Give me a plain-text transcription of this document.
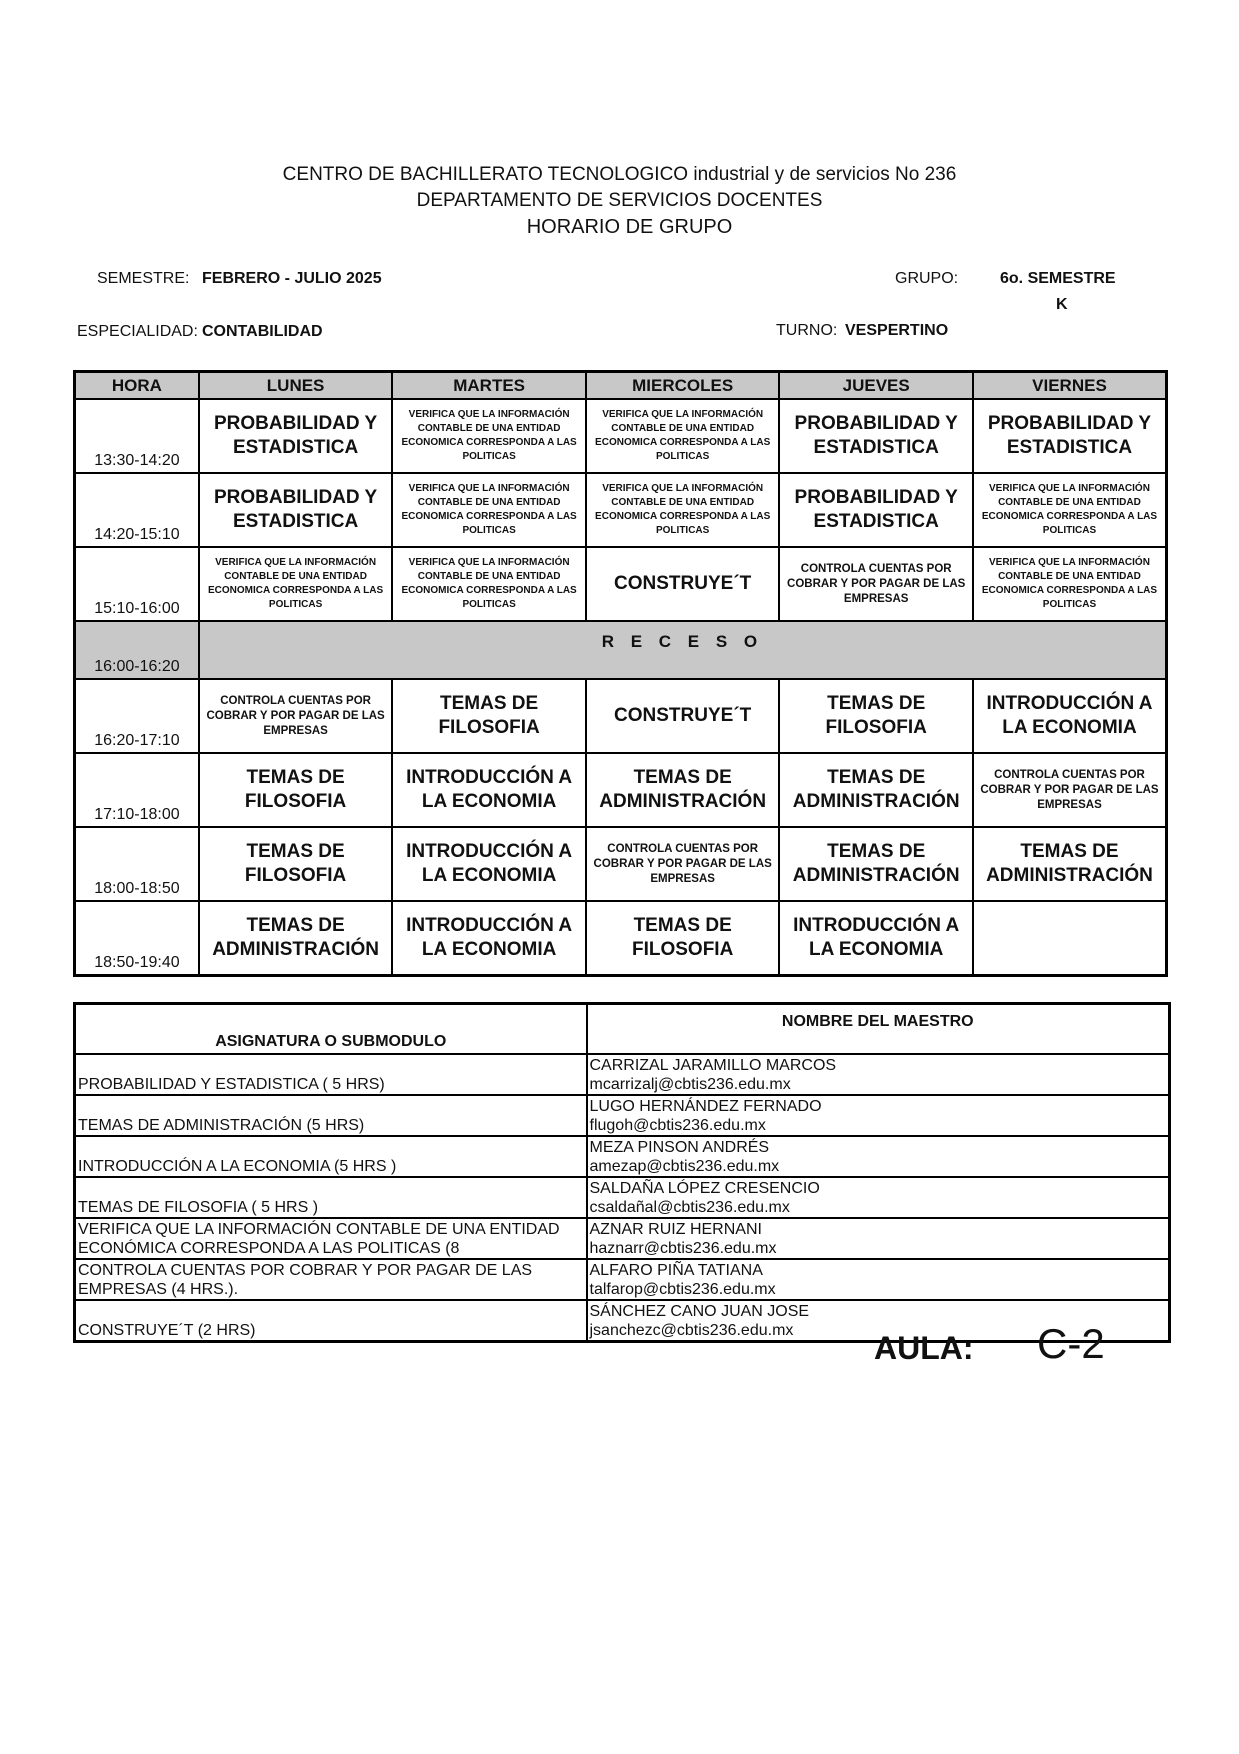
CENTRO DE BACHILLERATO TECNOLOGICO industrial y de servicios No 236
DEPARTAMENTO DE SERVICIOS DOCENTES
HORARIO DE GRUPO
SEMESTRE: FEBRERO - JULIO 2025	GRUPO:	6o. SEMESTRE
K
ESPECIALIDAD: CONTABILIDAD	TURNO: VESPERTINO
HORA	LUNES	MARTES	MIERCOLES	JUEVES	VIERNES
13:30-14:20	PROBABILIDAD Y ESTADISTICA	VERIFICA QUE LA INFORMACIÓN CONTABLE DE UNA ENTIDAD ECONOMICA CORRESPONDA A LAS POLITICAS	VERIFICA QUE LA INFORMACIÓN CONTABLE DE UNA ENTIDAD ECONOMICA CORRESPONDA A LAS POLITICAS	PROBABILIDAD Y ESTADISTICA	PROBABILIDAD Y ESTADISTICA
14:20-15:10	PROBABILIDAD Y ESTADISTICA	VERIFICA QUE LA INFORMACIÓN CONTABLE DE UNA ENTIDAD ECONOMICA CORRESPONDA A LAS POLITICAS	VERIFICA QUE LA INFORMACIÓN CONTABLE DE UNA ENTIDAD ECONOMICA CORRESPONDA A LAS POLITICAS	PROBABILIDAD Y ESTADISTICA	VERIFICA QUE LA INFORMACIÓN CONTABLE DE UNA ENTIDAD ECONOMICA CORRESPONDA A LAS POLITICAS
15:10-16:00	VERIFICA QUE LA INFORMACIÓN CONTABLE DE UNA ENTIDAD ECONOMICA CORRESPONDA A LAS POLITICAS	VERIFICA QUE LA INFORMACIÓN CONTABLE DE UNA ENTIDAD ECONOMICA CORRESPONDA A LAS POLITICAS	CONSTRUYE´T	CONTROLA CUENTAS POR COBRAR Y POR PAGAR DE LAS EMPRESAS	VERIFICA QUE LA INFORMACIÓN CONTABLE DE UNA ENTIDAD ECONOMICA CORRESPONDA A LAS POLITICAS
16:00-16:20	R E C E S O				
16:20-17:10	CONTROLA CUENTAS POR COBRAR Y POR PAGAR DE LAS EMPRESAS	TEMAS DE FILOSOFIA	CONSTRUYE´T	TEMAS DE FILOSOFIA	INTRODUCCIÓN A LA ECONOMIA
17:10-18:00	TEMAS DE FILOSOFIA	INTRODUCCIÓN A LA ECONOMIA	TEMAS DE ADMINISTRACIÓN	TEMAS DE ADMINISTRACIÓN	CONTROLA CUENTAS POR COBRAR Y POR PAGAR DE LAS EMPRESAS
18:00-18:50	TEMAS DE FILOSOFIA	INTRODUCCIÓN A LA ECONOMIA	CONTROLA CUENTAS POR COBRAR Y POR PAGAR DE LAS EMPRESAS	TEMAS DE ADMINISTRACIÓN	TEMAS DE ADMINISTRACIÓN
18:50-19:40	TEMAS DE ADMINISTRACIÓN	INTRODUCCIÓN A LA ECONOMIA	TEMAS DE FILOSOFIA	INTRODUCCIÓN A LA ECONOMIA	
ASIGNATURA O SUBMODULO	NOMBRE DEL MAESTRO
PROBABILIDAD Y ESTADISTICA ( 5 HRS)	CARRIZAL JARAMILLO MARCOS
mcarrizalj@cbtis236.edu.mx

TEMAS DE ADMINISTRACIÓN (5 HRS)	LUGO HERNÁNDEZ FERNADO
flugoh@cbtis236.edu.mx

INTRODUCCIÓN A LA ECONOMIA (5 HRS )	MEZA PINSON ANDRÉS
amezap@cbtis236.edu.mx

TEMAS DE FILOSOFIA ( 5 HRS )	SALDAÑA LÓPEZ CRESENCIO
csaldañal@cbtis236.edu.mx

VERIFICA QUE LA INFORMACIÓN CONTABLE DE UNA ENTIDAD ECONÓMICA CORRESPONDA A LAS POLITICAS (8	AZNAR RUIZ HERNANI
haznarr@cbtis236.edu.mx

CONTROLA CUENTAS POR COBRAR Y POR PAGAR DE LAS EMPRESAS (4 HRS.).	ALFARO PIÑA TATIANA
talfarop@cbtis236.edu.mx

CONSTRUYE´T (2 HRS)	SÁNCHEZ CANO JUAN JOSE
jsanchezc@cbtis236.edu.mx	AULA: C-2
